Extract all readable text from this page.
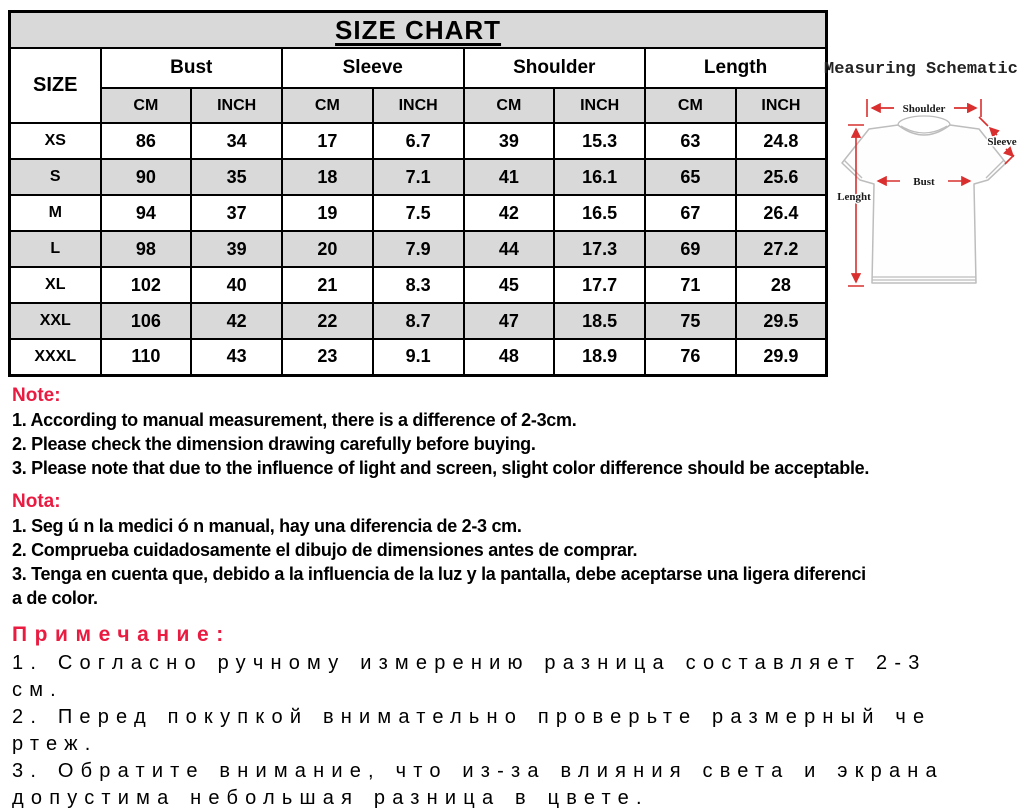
SIZE CHART								
SIZE	Bust		Sleeve		Shoulder		Length	
	CM	INCH	CM	INCH	CM	INCH	CM	INCH
XS	86	34	17	6.7	39	15.3	63	24.8
S	90	35	18	7.1	41	16.1	65	25.6
M	94	37	19	7.5	42	16.5	67	26.4
L	98	39	20	7.9	44	17.3	69	27.2
XL	102	40	21	8.3	45	17.7	71	28
XXL	106	42	22	8.7	47	18.5	75	29.5
XXXL	110	43	23	9.1	48	18.9	76	29.9
Measuring Schematic
Shoulder
Bust
Lenght
Sleeve
Note:
1. According to manual measurement, there is a difference of 2-3cm.
2. Please check the dimension drawing carefully before buying.
3. Please note that due to the influence of light and screen, slight color difference should be acceptable.
Nota:
1. Seg ú n la medici ó n manual, hay una diferencia de 2-3 cm.
2. Comprueba cuidadosamente el dibujo de dimensiones antes de comprar.
3. Tenga en cuenta que, debido a la influencia de la luz y la pantalla, debe aceptarse una ligera diferenci
a de color.
Примечание:
1. Согласно ручному измерению разница составляет 2-3
см.
2. Перед покупкой внимательно проверьте размерный че
ртеж.
3. Обратите внимание, что из-за влияния света и экрана
допустима небольшая разница в цвете.
